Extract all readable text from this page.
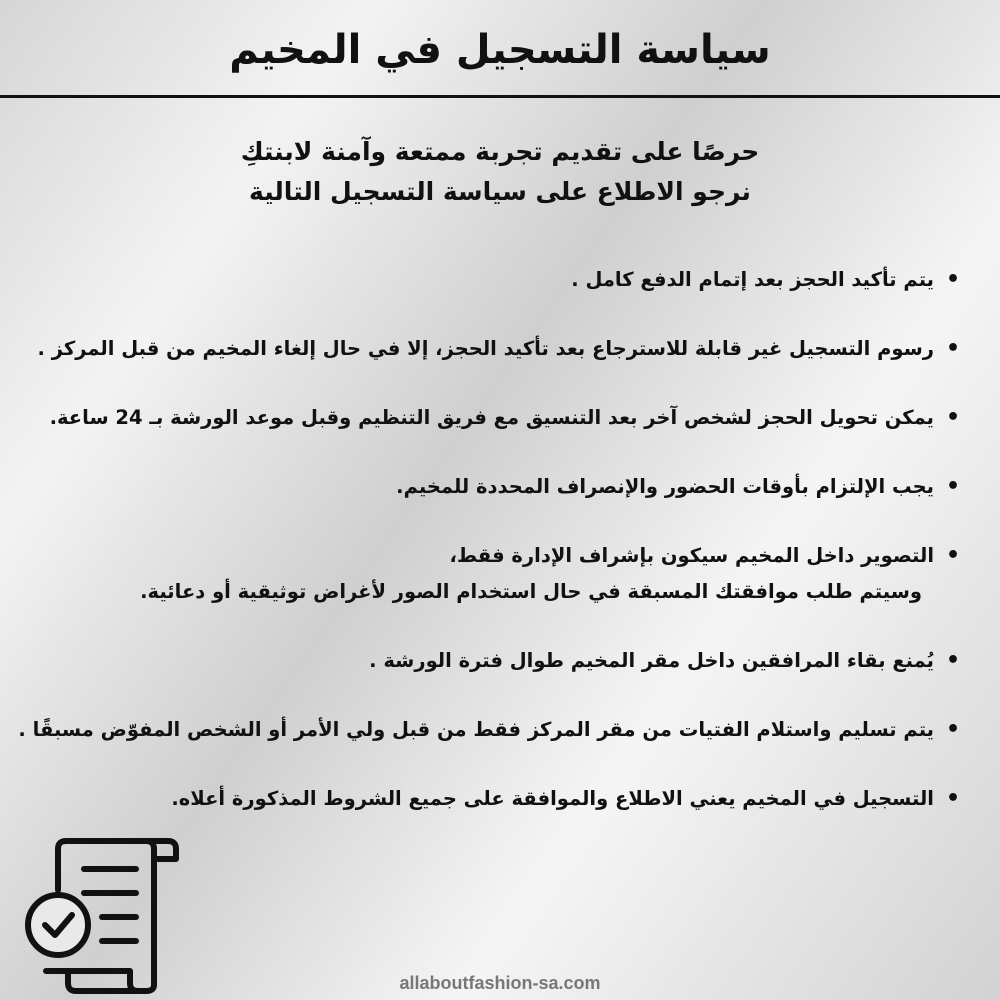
سياسة التسجيل في المخيم
حرصًا على تقديم تجربة ممتعة وآمنة لابنتكِ
نرجو الاطلاع على سياسة التسجيل التالية
•
يتم تأكيد الحجز بعد إتمام الدفع كامل .
•
رسوم التسجيل غير قابلة للاسترجاع بعد تأكيد الحجز، إلا في حال إلغاء المخيم من قبل المركز .
•
يمكن تحويل الحجز لشخص آخر بعد التنسيق مع فريق التنظيم وقبل موعد الورشة بـ 24 ساعة.
•
يجب الإلتزام بأوقات الحضور والإنصراف المحددة للمخيم.
•
التصوير داخل المخيم سيكون بإشراف الإدارة فقط،
وسيتم طلب موافقتك المسبقة في حال استخدام الصور لأغراض توثيقية أو دعائية.
•
يُمنع بقاء المرافقين داخل مقر المخيم طوال فترة الورشة .
•
يتم تسليم واستلام الفتيات من مقر المركز فقط من قبل ولي الأمر أو الشخص المفوّض مسبقًا .
•
التسجيل في المخيم يعني الاطلاع والموافقة على جميع الشروط المذكورة أعلاه.
allaboutfashion-sa.com
